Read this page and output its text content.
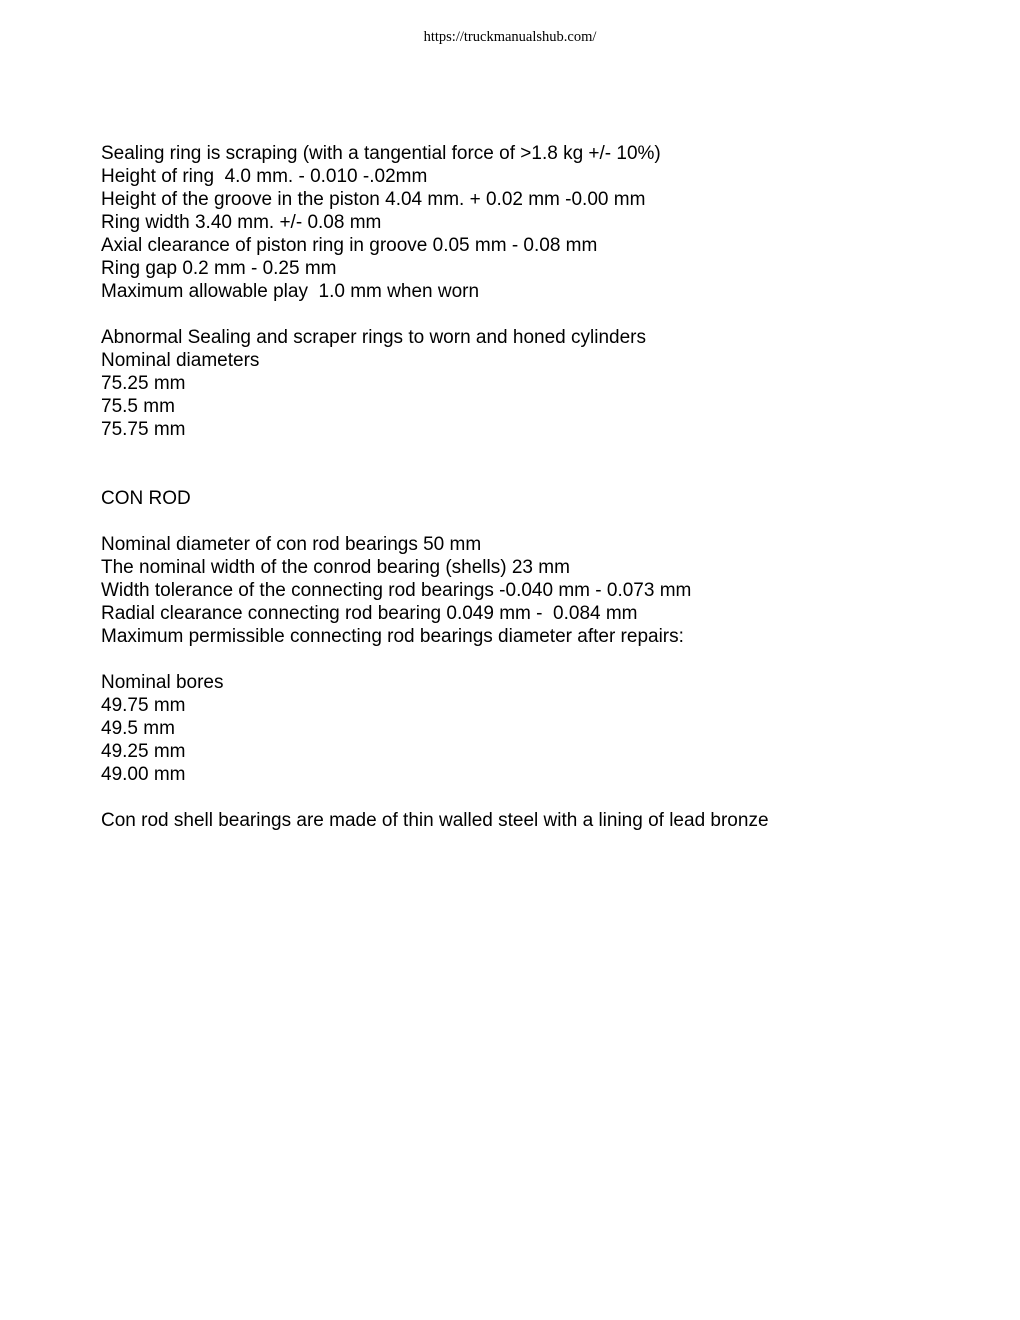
https://truckmanualshub.com/
Sealing ring is scraping (with a tangential force of >1.8 kg +/- 10%)
Height of ring  4.0 mm. - 0.010 -.02mm
Height of the groove in the piston 4.04 mm. + 0.02 mm -0.00 mm
Ring width 3.40 mm. +/- 0.08 mm
Axial clearance of piston ring in groove 0.05 mm - 0.08 mm
Ring gap 0.2 mm - 0.25 mm
Maximum allowable play  1.0 mm when worn
Abnormal Sealing and scraper rings to worn and honed cylinders
Nominal diameters
75.25 mm
75.5 mm
75.75 mm
CON ROD
Nominal diameter of con rod bearings 50 mm
The nominal width of the conrod bearing (shells) 23 mm
Width tolerance of the connecting rod bearings -0.040 mm - 0.073 mm
Radial clearance connecting rod bearing 0.049 mm -  0.084 mm
Maximum permissible connecting rod bearings diameter after repairs:
Nominal bores
49.75 mm
49.5 mm
49.25 mm
49.00 mm
Con rod shell bearings are made of thin walled steel with a lining of lead bronze
